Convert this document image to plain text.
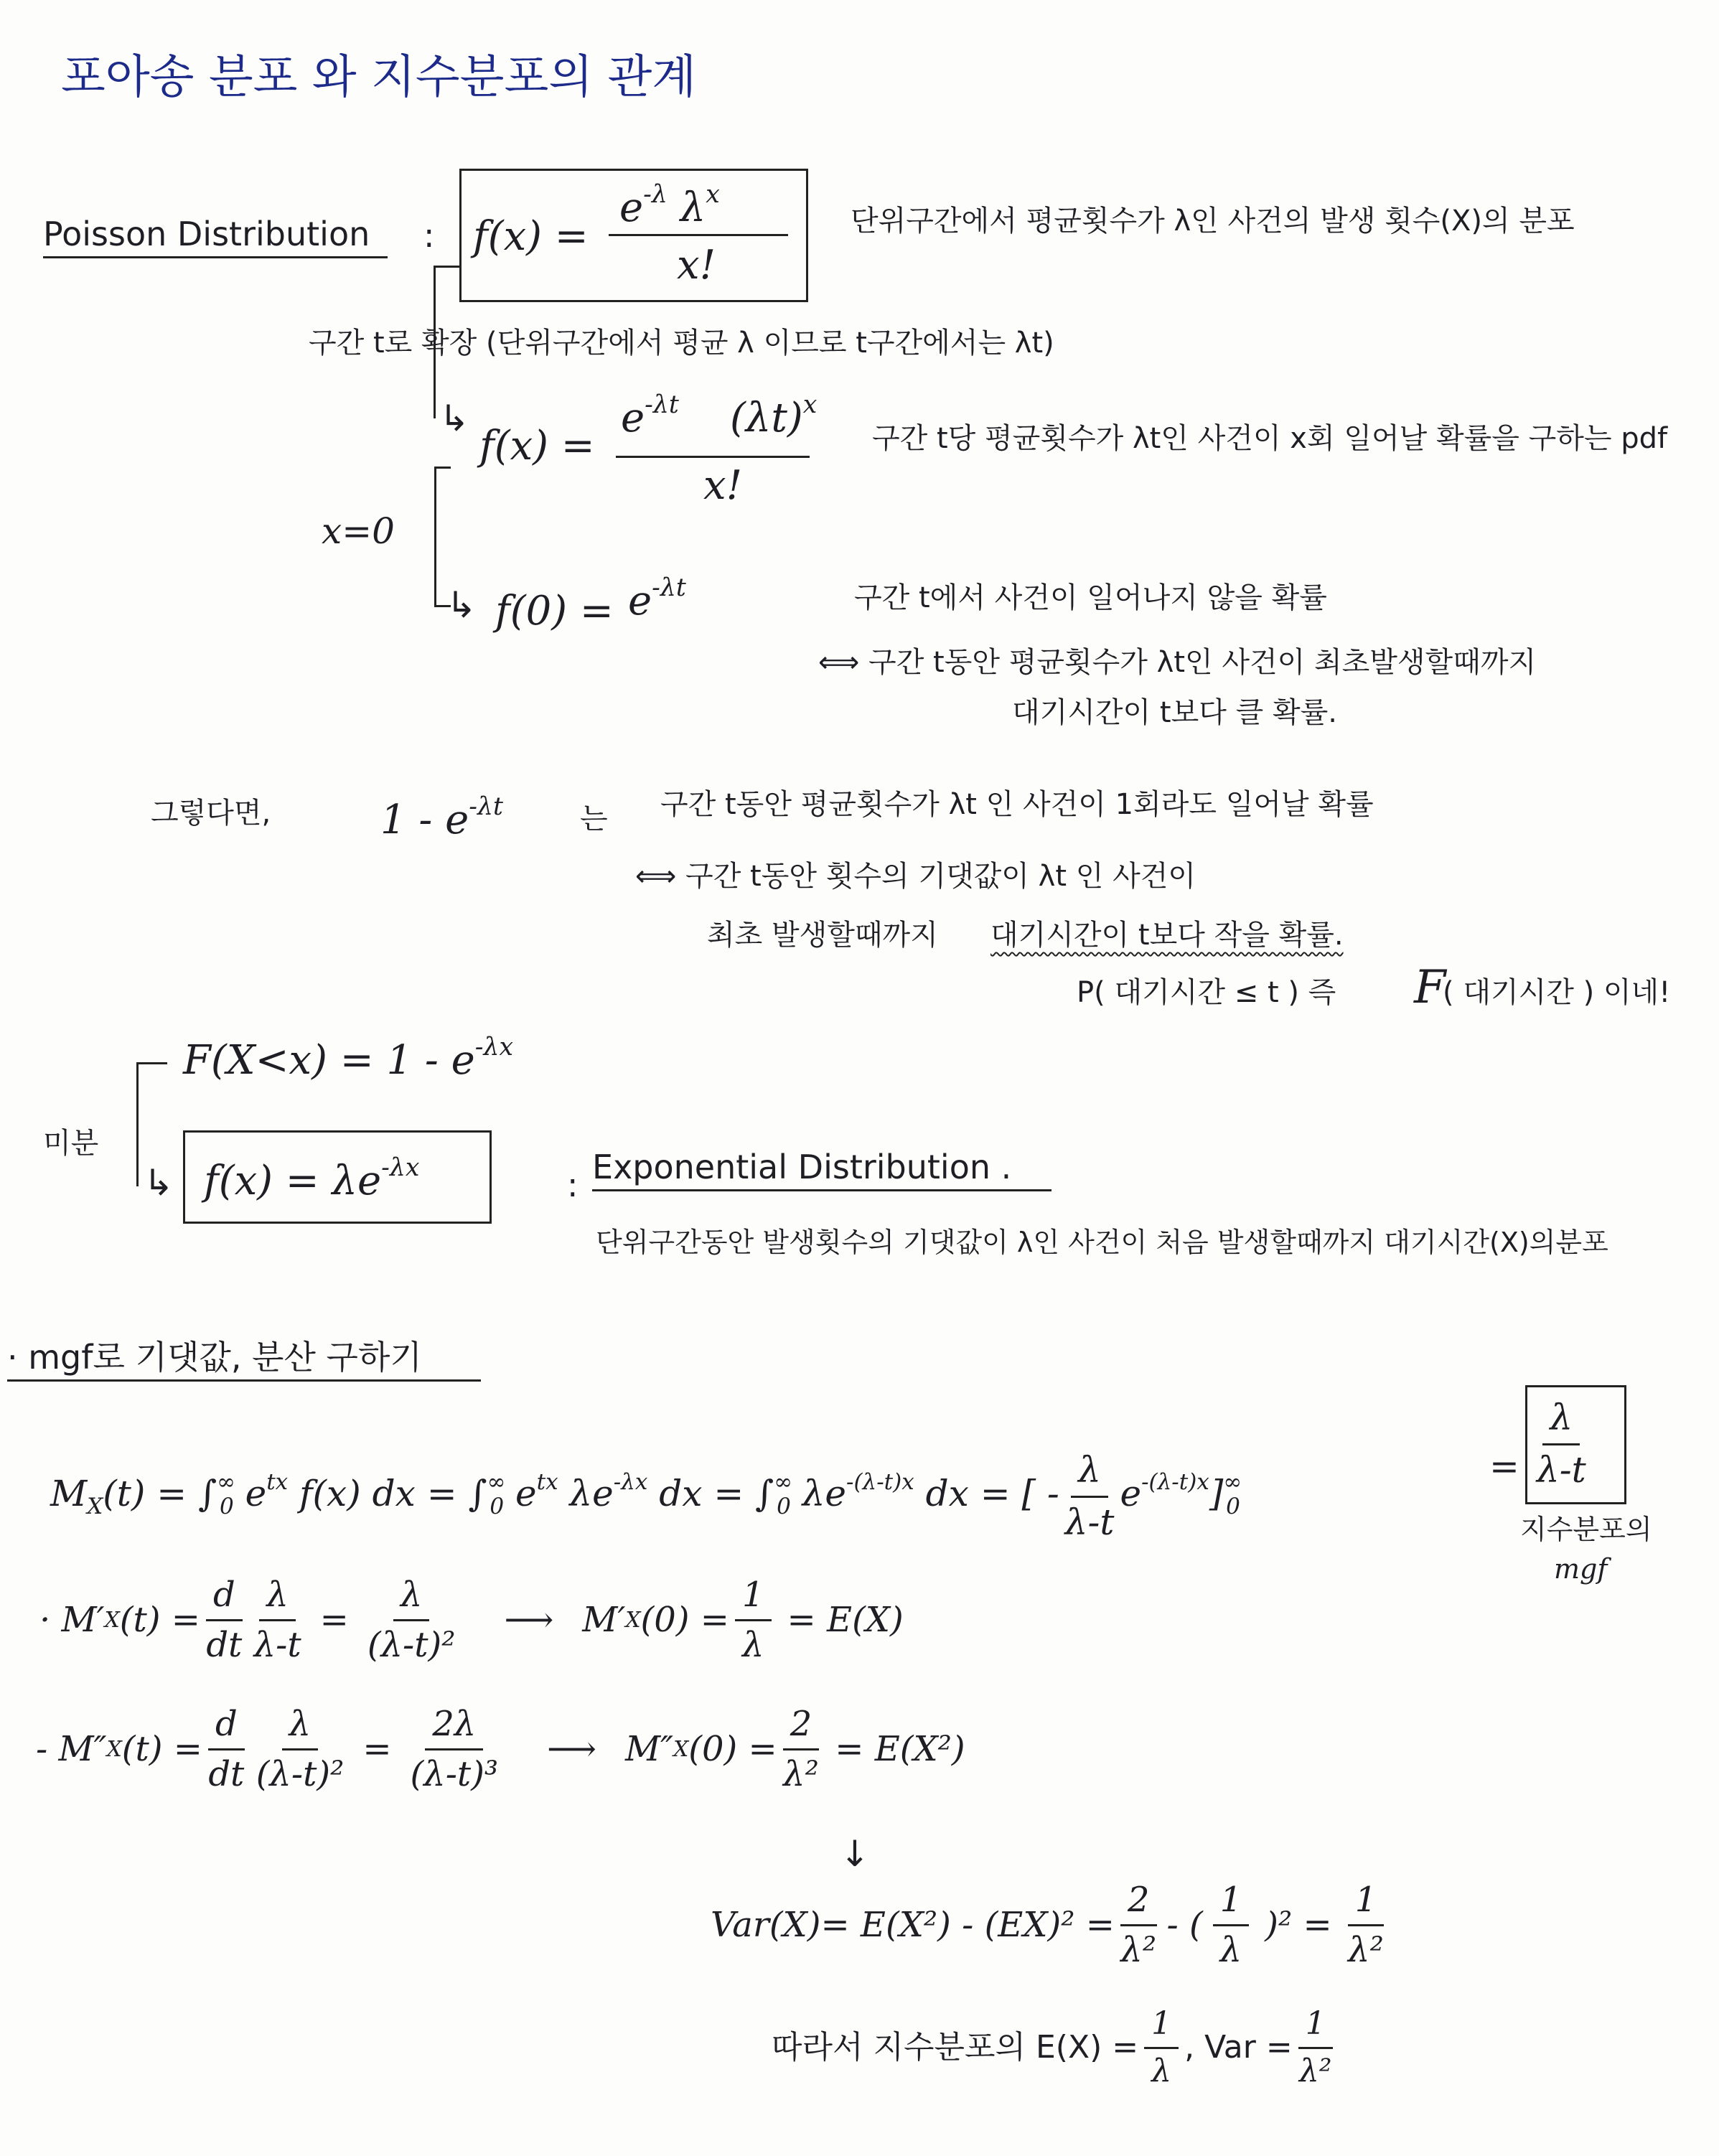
포아송 분포 와 지수분포의 관계
Poisson Distribution	: f(x) =
$e^{-\lambda}$ $\lambda^x$
x!
단위구간에서 평균횟수가 λ인 사건의 발생 횟수(X)의 분포
구간 t로 확장 (단위구간에서 평균 λ 이므로 t구간에서는 λt)
↳
f(x) =
$e^{-\lambda t}$ $(\lambda t)^x$
x!
구간 t당 평균횟수가 λt인 사건이 x회 일어날 확률을 구하는 pdf
x=0
↳ $f(0) = e^{-\lambda t}$	구간 t에서 사건이 일어나지 않을 확률
⟺ 구간 t동안 평균횟수가 λt인 사건이 최초발생할때까지
대기시간이 t보다 클 확률.
그렇다면,	$1 - e^{-\lambda t}$	는 구간 t동안 평균횟수가 λt 인 사건이 1회라도 일어날 확률
⟺ 구간 t동안 횟수의 기댓값이 λt 인 사건이
최초 발생할때까지 대기시간이 t보다 작을 확률.
P( 대기시간 ≤ t ) 즉 F
( 대기시간 ) 이네!
$F(X<x) = 1 - e^{-\lambda x}$
미분
↳ $f(x) = \lambda e^{-\lambda x}$	: Exponential Distribution .
단위구간동안 발생횟수의 기댓값이 λ인 사건이 처음 발생할때까지 대기시간(X)의분포
· mgf로 기댓값, 분산 구하기
$M_X(t) = \int^\infty_0$ $e^{tx}$ f(x) dx = $\int^\infty_0$ $e^{tx}$ $\lambda e^{-\lambda x}$ dx = $\int^\infty_0$ $\lambda e^{-(\lambda-t)x}$ dx = [ - $\frac{\lambda}{\lambda-t} e^{-(\lambda-t)x}]^\infty_0$
= $\frac{\lambda}{\lambda-t}$
지수분포의
mgf
· M′ X $(t) = \frac{d}{dt} \frac{\lambda}{\lambda-t} = \frac{\lambda}{\text{(λ-t)²}}$ ⟶ M′ X $(0) = \frac{1}{\lambda} = E(X)$
- M″ X $(t) = \frac{d}{dt} \frac{\lambda}{\text{(λ-t)²}} = \frac{2\lambda}{\text{(λ-t)³}}$ ⟶ M″ X $(0) = \frac{2}{\text{λ²}} = E(X^2)$
↓
$Var(X)= E(X^2) - (EX)^2 = \frac{2}{\text{λ²}}$ - ( $\frac{1}{\lambda} )^2 = \frac{1}{\text{λ²}}$
따라서 지수분포의 $E(X) = \frac{1}{\lambda}$ , Var = $\frac{1}{\text{λ²}}$
